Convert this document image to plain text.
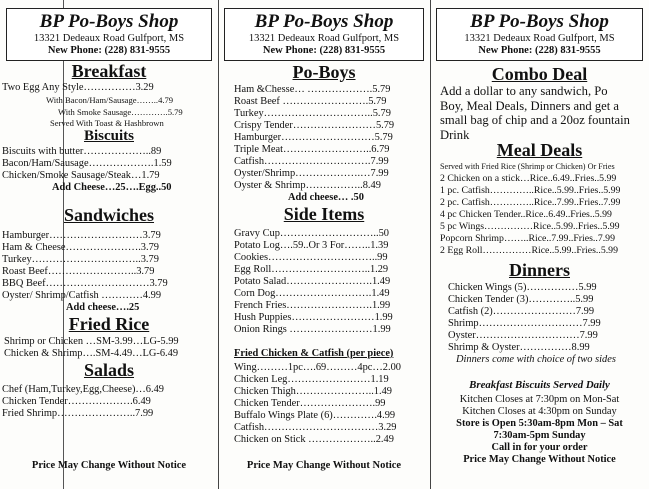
BP Po-Boys Shop
13321 Dedeaux Road Gulfport, MS
New Phone: (228) 831-9555
Breakfast
Two Egg Any Style……………3.29
With Bacon/Ham/Sausage……..4.79
With Smoke Sausage………….5.79
Served With Toast & Hashbrown
Biscuits
Biscuits with butter………………..89
Bacon/Ham/Sausage……………….1.59
Chicken/Smoke Sausage/Steak…1.79
Add Cheese…25….Egg..50
Sandwiches
Hamburger………………………3.79
Ham & Cheese………………….3.79
Turkey…………………………..3.79
Roast Beef……………………..3.79
BBQ Beef…………………………3.79
Oyster/ Shrimp/Catfish …………4.99
Add cheese….25
Fried Rice
Shrimp or Chicken …SM-3.99…LG-5.99
Chicken & Shrimp….SM-4.49…LG-6.49
Salads
Chef (Ham,Turkey,Egg,Cheese)…6.49
Chicken Tender……………….6.49
Fried Shrimp…………………..7.99
Price May Change Without Notice
BP Po-Boys Shop
13321 Dedeaux Road Gulfport, MS
New Phone: (228) 831-9555
Po-Boys
Ham &Chesse… ……………….5.79
Roast Beef …………………….5.79
Turkey…………………………..5.79
Crispy Tender……………………5.79
Hamburger………………………5.79
Triple Meat……………………..6.79
Catfish………………………….7.99
Oyster/Shrimp……………….…7.99
Oyster & Shrimp……………..8.49
Add cheese… .50
Side Items
Gravy Cup………………………..50
Potato Log….59..Or 3 For……..1.39
Cookies…………………………..99
Egg Roll………………………..1.29
Potato Salad…………………….1.49
Corn Dog……………………….1.49
French Fries…………………….1.99
Hush Puppies……………………1.99
Onion Rings ……………………1.99
Fried Chicken & Catfish (per piece)
Wing………1pc….69………4pc…2.00
Chicken Leg……………………1.19
Chicken Thigh…………………..1.49
Chicken Tender………………….99
Buffalo Wings Plate (6)………….4.99
Catfish……………………………3.29
Chicken on Stick ………………..2.49
Price May Change Without Notice
BP Po-Boys Shop
13321 Dedeaux Road Gulfport, MS
New Phone: (228) 831-9555
Combo Deal
Add a dollar to any sandwich, Po
Boy, Meal Deals, Dinners and get a
small bag of chip and a 20oz fountain
Drink
Meal Deals
Served with Fried Rice (Shrimp or Chicken) Or Fries
2 Chicken on a stick…Rice..6.49..Fries..5.99
1 pc. Catfish…………..Rice..5.99..Fries..5.99
2 pc. Catfish…………..Rice..7.99..Fries..7.99
4 pc Chicken Tender..Rice..6.49..Fries..5.99
5 pc Wings……………Rice..5.99..Fries..5.99
Popcorn Shrimp……..Rice..7.99..Fries..7.99
2 Egg Roll……………Rice..5.99..Fries..5.99
Dinners
Chicken Wings (5)……………5.99
Chicken Tender (3)…………..5.99
Catfish (2)……………………7.99
Shrimp…………………………7.99
Oyster…………………………7.99
Shrimp & Oyster……………8.99
Dinners come with choice of two sides
Breakfast Biscuits Served Daily
Kitchen Closes at 7:30pm on Mon-Sat
Kitchen Closes at 4:30pm on Sunday
Store is Open 5:30am-8pm Mon – Sat
7:30am-5pm Sunday
Call in for your order
Price May Change Without Notice
